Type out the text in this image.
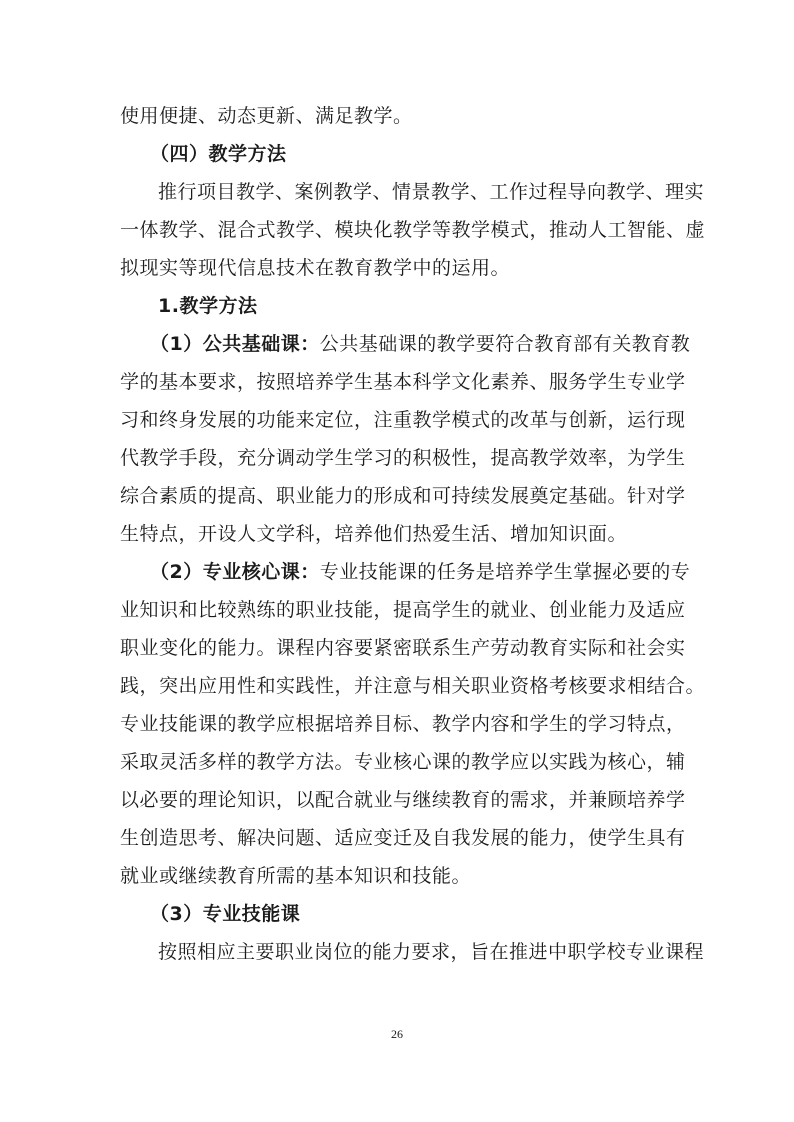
使用便捷、动态更新、满足教学。
（四）教学方法
推行项目教学、案例教学、情景教学、工作过程导向教学、理实
一体教学、混合式教学、模块化教学等教学模式，推动人工智能、虚
拟现实等现代信息技术在教育教学中的运用。
1.教学方法
（1）公共基础课：公共基础课的教学要符合教育部有关教育教
学的基本要求，按照培养学生基本科学文化素养、服务学生专业学
习和终身发展的功能来定位，注重教学模式的改革与创新，运行现
代教学手段，充分调动学生学习的积极性，提高教学效率，为学生
综合素质的提高、职业能力的形成和可持续发展奠定基础。针对学
生特点，开设人文学科，培养他们热爱生活、增加知识面。
（2）专业核心课：专业技能课的任务是培养学生掌握必要的专
业知识和比较熟练的职业技能，提高学生的就业、创业能力及适应
职业变化的能力。课程内容要紧密联系生产劳动教育实际和社会实
践，突出应用性和实践性，并注意与相关职业资格考核要求相结合。
专业技能课的教学应根据培养目标、教学内容和学生的学习特点，
采取灵活多样的教学方法。专业核心课的教学应以实践为核心，辅
以必要的理论知识，以配合就业与继续教育的需求，并兼顾培养学
生创造思考、解决问题、适应变迁及自我发展的能力，使学生具有
就业或继续教育所需的基本知识和技能。
（3）专业技能课
按照相应主要职业岗位的能力要求，旨在推进中职学校专业课程
26
